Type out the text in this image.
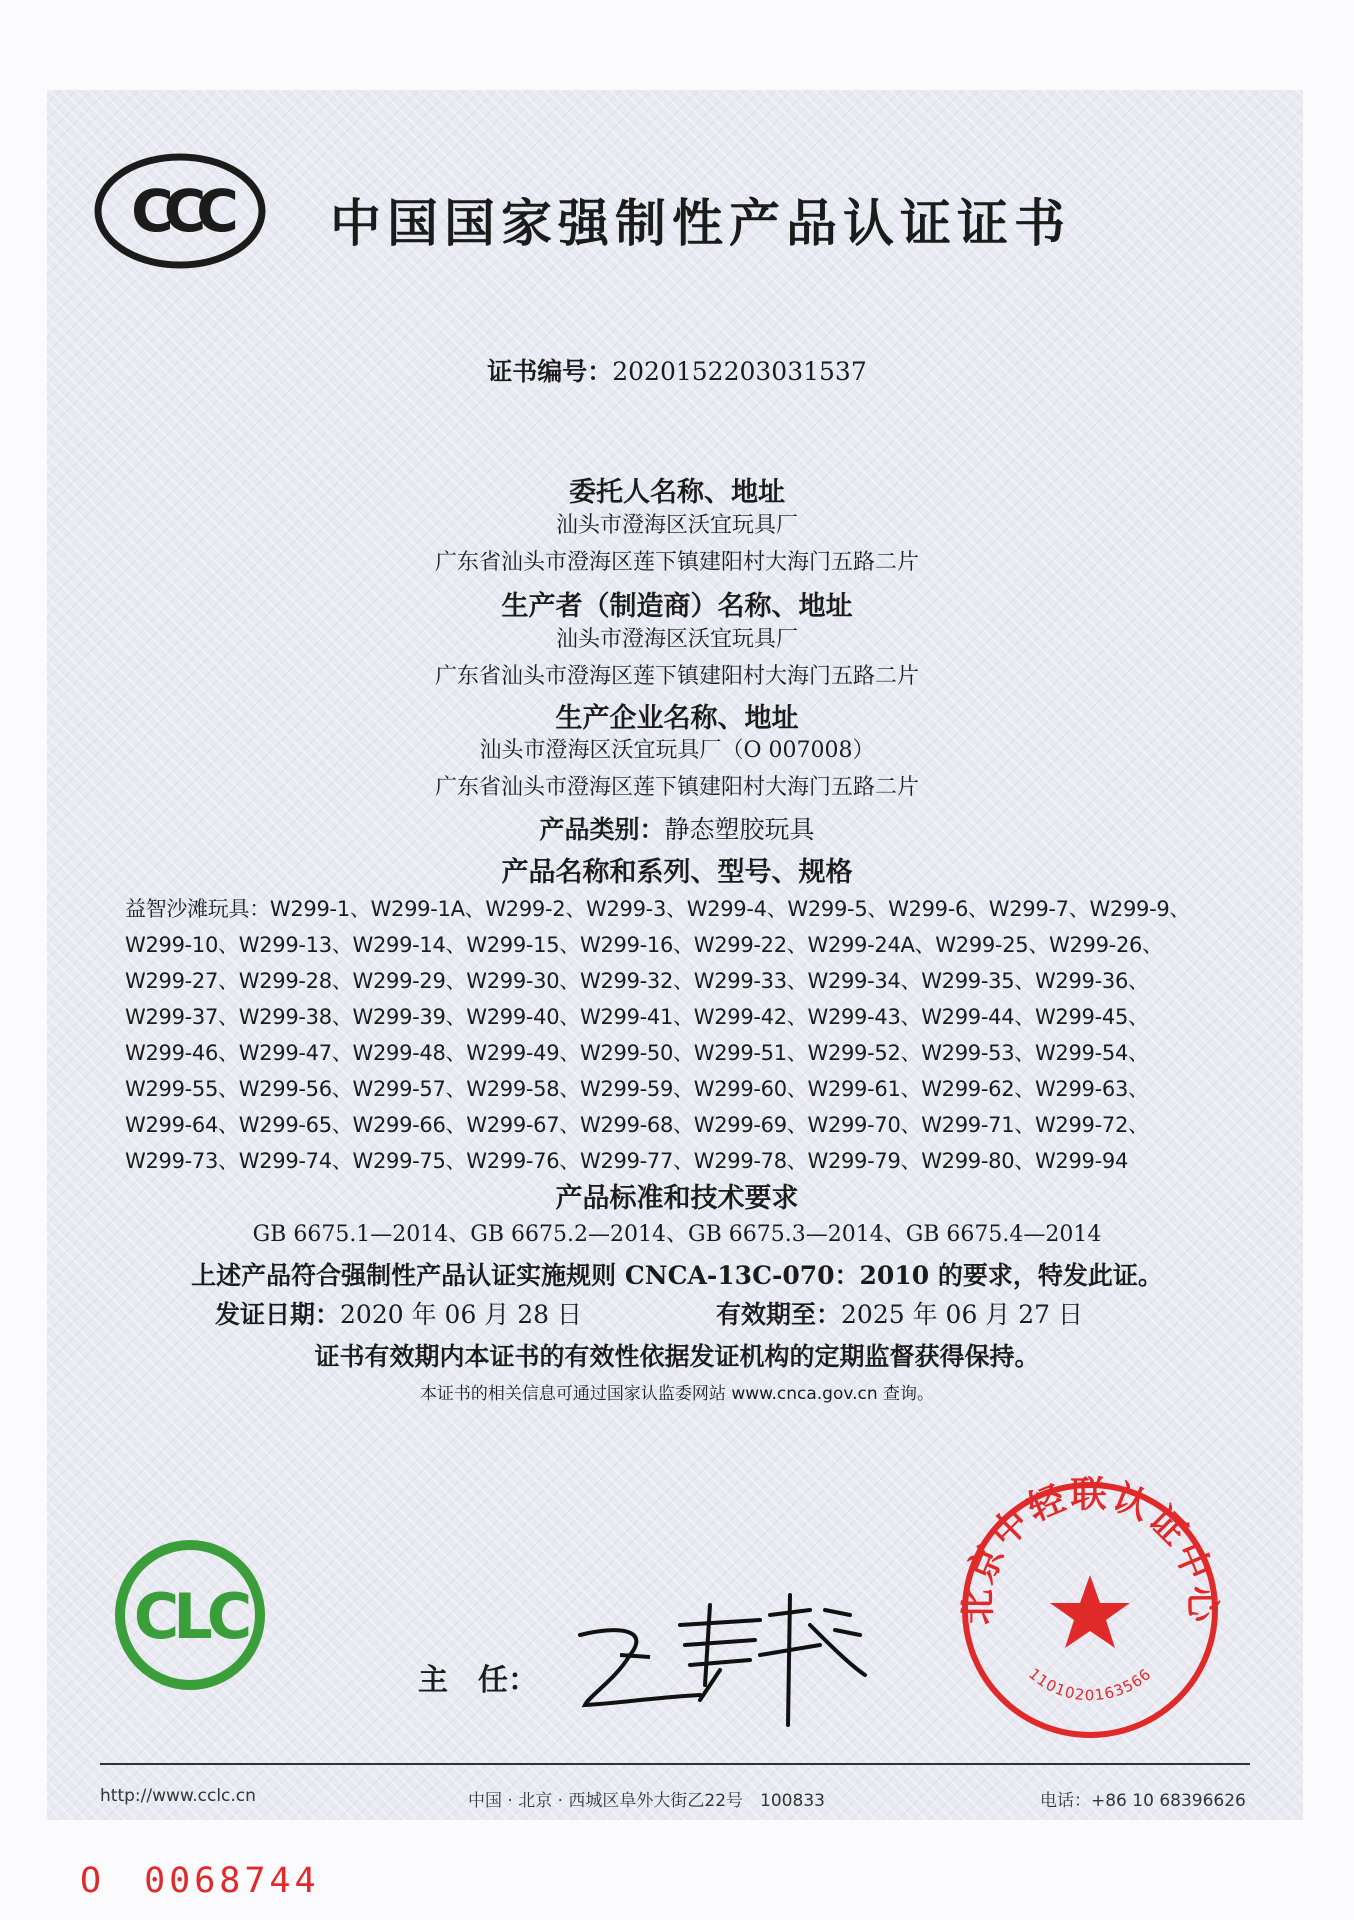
CCC 中国国家强制性产品认证证书
证书编号：2020152203031537
委托人名称、地址
汕头市澄海区沃宜玩具厂
广东省汕头市澄海区莲下镇建阳村大海门五路二片
生产者（制造商）名称、地址
汕头市澄海区沃宜玩具厂
广东省汕头市澄海区莲下镇建阳村大海门五路二片
生产企业名称、地址
汕头市澄海区沃宜玩具厂（O 007008）
广东省汕头市澄海区莲下镇建阳村大海门五路二片
产品类别：静态塑胶玩具
产品名称和系列、型号、规格
益智沙滩玩具：W299-1、W299-1A、W299-2、W299-3、W299-4、W299-5、W299-6、W299-7、W299-9、
W299-10、W299-13、W299-14、W299-15、W299-16、W299-22、W299-24A、W299-25、W299-26、
W299-27、W299-28、W299-29、W299-30、W299-32、W299-33、W299-34、W299-35、W299-36、
W299-37、W299-38、W299-39、W299-40、W299-41、W299-42、W299-43、W299-44、W299-45、
W299-46、W299-47、W299-48、W299-49、W299-50、W299-51、W299-52、W299-53、W299-54、
W299-55、W299-56、W299-57、W299-58、W299-59、W299-60、W299-61、W299-62、W299-63、
W299-64、W299-65、W299-66、W299-67、W299-68、W299-69、W299-70、W299-71、W299-72、
W299-73、W299-74、W299-75、W299-76、W299-77、W299-78、W299-79、W299-80、W299-94
产品标准和技术要求
GB 6675.1—2014、GB 6675.2—2014、GB 6675.3—2014、GB 6675.4—2014
上述产品符合强制性产品认证实施规则 CNCA-13C-070：2010 的要求，特发此证。
发证日期：2020 年 06 月 28 日	有效期至：2025 年 06 月 27 日
证书有效期内本证书的有效性依据发证机构的定期监督获得保持。
本证书的相关信息可通过国家认监委网站 www.cnca.gov.cn 查询。
CLC
主　任：
北京中轻联认证中心
1101020163566
http://www.cclc.cn	中国 · 北京 · 西城区阜外大街乙22号　100833	电话：+86 10 68396626
O　0068744
